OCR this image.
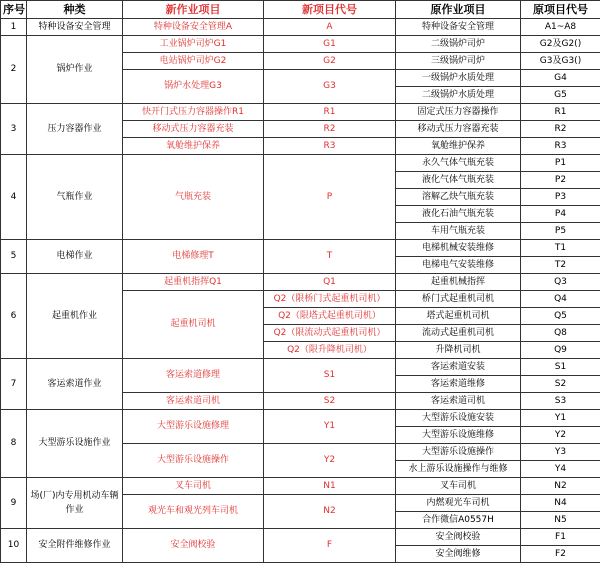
序号	种类	新作业项目	新项目代号	原作业项目	原项目代号
1	特种设备安全管理	特种设备安全管理A	A	特种设备安全管理	A1~A8
2	锅炉作业	工业锅炉司炉G1	G1	二级锅炉司炉	G2及G2()
		电站锅炉司炉G2	G2	三级锅炉司炉	G3及G3()
		锅炉水处理G3	G3	一级锅炉水质处理	G4
				二级锅炉水质处理	G5
3	压力容器作业	快开门式压力容器操作R1	R1	固定式压力容器操作	R1
		移动式压力容器充装	R2	移动式压力容器充装	R2
		氧舱维护保养	R3	氧舱维护保养	R3
4	气瓶作业	气瓶充装	P	永久气体气瓶充装	P1
				液化气体气瓶充装	P2
				溶解乙炔气瓶充装	P3
				液化石油气瓶充装	P4
				车用气瓶充装	P5
5	电梯作业	电梯修理T	T	电梯机械安装维修	T1
				电梯电气安装维修	T2
6	起重机作业	起重机指挥Q1	Q1	起重机械指挥	Q3
		起重机司机	Q2（限桥门式起重机司机）	桥门式起重机司机	Q4
			Q2（限塔式起重机司机）	塔式起重机司机	Q5
			Q2（限流动式起重机司机）	流动式起重机司机	Q8
			Q2（限升降机司机）	升降机司机	Q9
7	客运索道作业	客运索道修理	S1	客运索道安装	S1
				客运索道维修	S2
		客运索道司机	S2	客运索道司机	S3
8	大型游乐设施作业	大型游乐设施修理	Y1	大型游乐设施安装	Y1
				大型游乐设施维修	Y2
		大型游乐设施操作	Y2	大型游乐设施操作	Y3
				水上游乐设施操作与维修	Y4
9	场(厂)内专用机动车辆作业	叉车司机	N1	叉车司机	N2
		观光车和观光列车司机	N2	内燃观光车司机	N4
				合作微信A0557H	N5
10	安全附件维修作业	安全阀校验	F	安全阀校验	F1
				安全阀维修	F2
